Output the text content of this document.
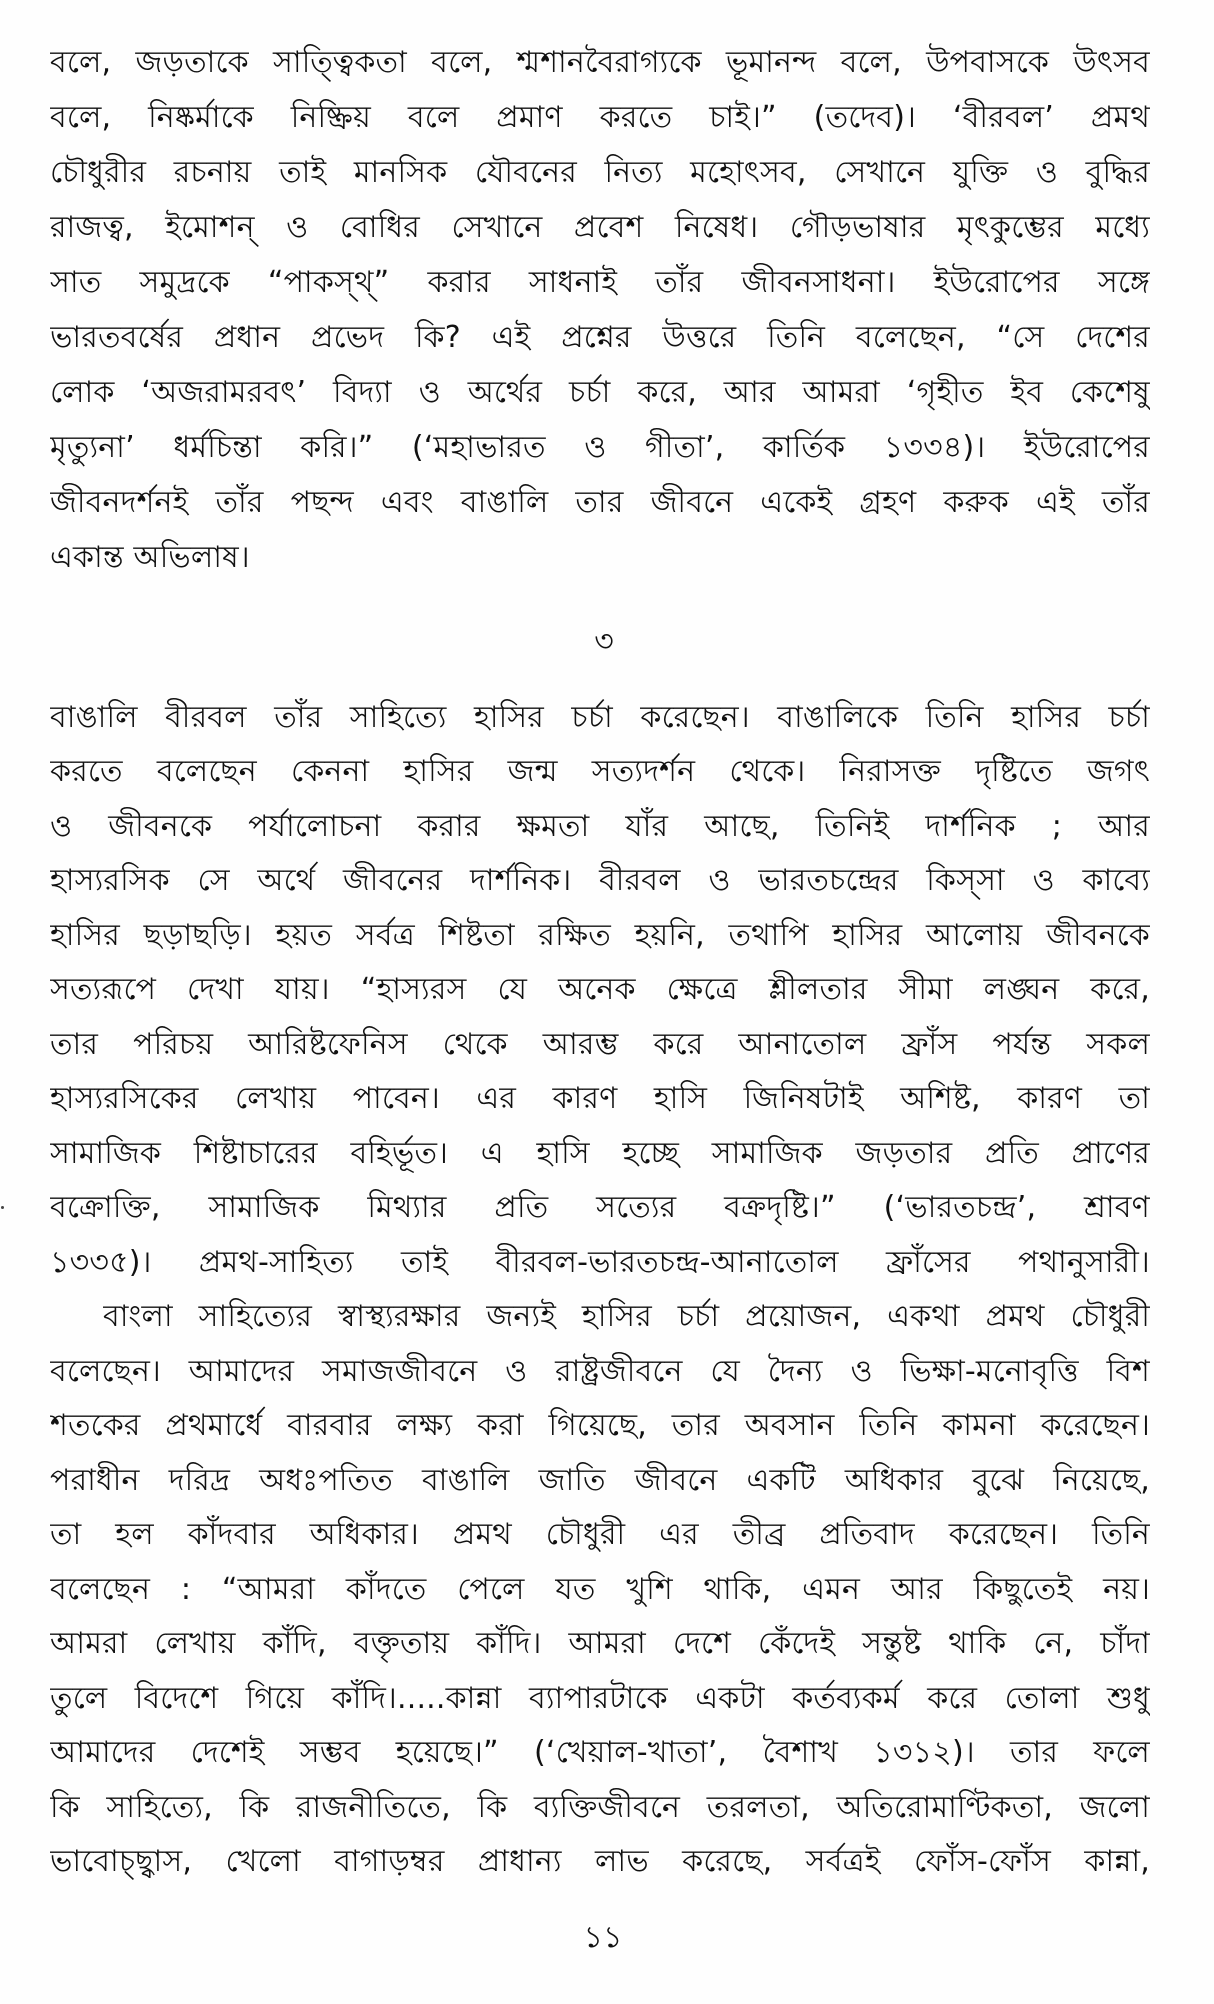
বলে, জড়তাকে সাত্ত্বিকতা বলে, শ্মশানবৈরাগ্যকে ভূমানন্দ বলে, উপবাসকে উৎসব
বলে, নিষ্কর্মাকে নিষ্ক্রিয় বলে প্রমাণ করতে চাই।” (তদেব)। ‘বীরবল’ প্রমথ
চৌধুরীর রচনায় তাই মানসিক যৌবনের নিত্য মহোৎসব, সেখানে যুক্তি ও বুদ্ধির
রাজত্ব, ইমোশন্ ও বোধির সেখানে প্রবেশ নিষেধ। গৌড়ভাষার মৃৎকুম্ভের মধ্যে
সাত সমুদ্রকে “পাকস্থ্” করার সাধনাই তাঁর জীবনসাধনা। ইউরোপের সঙ্গে
ভারতবর্ষের প্রধান প্রভেদ কি? এই প্রশ্নের উত্তরে তিনি বলেছেন, “সে দেশের
লোক ‘অজরামরবৎ’ বিদ্যা ও অর্থের চর্চা করে, আর আমরা ‘গৃহীত ইব কেশেষু
মৃত্যুনা’ ধর্মচিন্তা করি।” (‘মহাভারত ও গীতা’, কার্তিক ১৩৩৪)। ইউরোপের
জীবনদর্শনই তাঁর পছন্দ এবং বাঙালি তার জীবনে একেই গ্রহণ করুক এই তাঁর
একান্ত অভিলাষ।
৩
বাঙালি বীরবল তাঁর সাহিত্যে হাসির চর্চা করেছেন। বাঙালিকে তিনি হাসির চর্চা
করতে বলেছেন কেননা হাসির জন্ম সত্যদর্শন থেকে। নিরাসক্ত দৃষ্টিতে জগৎ
ও জীবনকে পর্যালোচনা করার ক্ষমতা যাঁর আছে, তিনিই দার্শনিক ; আর
হাস্যরসিক সে অর্থে জীবনের দার্শনিক। বীরবল ও ভারতচন্দ্রের কিস্‌সা ও কাব্যে
হাসির ছড়াছড়ি। হয়ত সর্বত্র শিষ্টতা রক্ষিত হয়নি, তথাপি হাসির আলোয় জীবনকে
সত্যরূপে দেখা যায়। “হাস্যরস যে অনেক ক্ষেত্রে শ্লীলতার সীমা লঙ্ঘন করে,
তার পরিচয় আরিষ্টফেনিস থেকে আরম্ভ করে আনাতোল ফ্রাঁস পর্যন্ত সকল
হাস্যরসিকের লেখায় পাবেন। এর কারণ হাসি জিনিষটাই অশিষ্ট, কারণ তা
সামাজিক শিষ্টাচারের বহির্ভূত। এ হাসি হচ্ছে সামাজিক জড়তার প্রতি প্রাণের
বক্রোক্তি, সামাজিক মিথ্যার প্রতি সত্যের বক্রদৃষ্টি।” (‘ভারতচন্দ্র’, শ্রাবণ
১৩৩৫)। প্রমথ-সাহিত্য তাই বীরবল-ভারতচন্দ্র-আনাতোল ফ্রাঁসের পথানুসারী।
বাংলা সাহিত্যের স্বাস্থ্যরক্ষার জন্যই হাসির চর্চা প্রয়োজন, একথা প্রমথ চৌধুরী
বলেছেন। আমাদের সমাজজীবনে ও রাষ্ট্রজীবনে যে দৈন্য ও ভিক্ষা-মনোবৃত্তি বিশ
শতকের প্রথমার্ধে বারবার লক্ষ্য করা গিয়েছে, তার অবসান তিনি কামনা করেছেন।
পরাধীন দরিদ্র অধঃপতিত বাঙালি জাতি জীবনে একটি অধিকার বুঝে নিয়েছে,
তা হল কাঁদবার অধিকার। প্রমথ চৌধুরী এর তীব্র প্রতিবাদ করেছেন। তিনি
বলেছেন : “আমরা কাঁদতে পেলে যত খুশি থাকি, এমন আর কিছুতেই নয়।
আমরা লেখায় কাঁদি, বক্তৃতায় কাঁদি। আমরা দেশে কেঁদেই সন্তুষ্ট থাকি নে, চাঁদা
তুলে বিদেশে গিয়ে কাঁদি।.....কান্না ব্যাপারটাকে একটা কর্তব্যকর্ম করে তোলা শুধু
আমাদের দেশেই সম্ভব হয়েছে।” (‘খেয়াল-খাতা’, বৈশাখ ১৩১২)। তার ফলে
কি সাহিত্যে, কি রাজনীতিতে, কি ব্যক্তিজীবনে তরলতা, অতিরোমাণ্টিকতা, জলো
ভাবোচ্ছ্বাস, খেলো বাগাড়ম্বর প্রাধান্য লাভ করেছে, সর্বত্রই ফোঁস-ফোঁস কান্না,
১১
